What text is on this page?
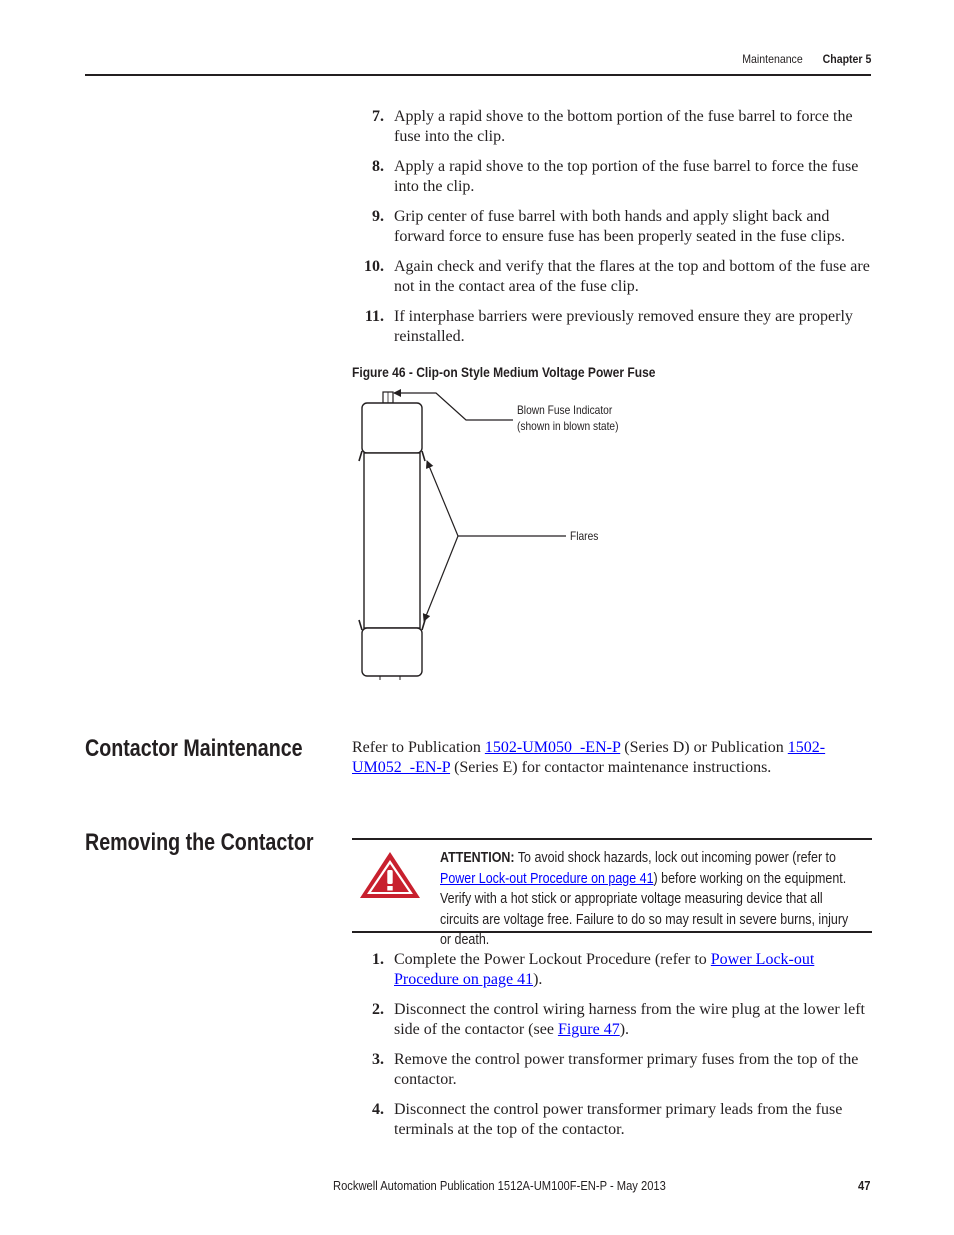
Maintenance Chapter 5
7. Apply a rapid shove to the bottom portion of the fuse barrel to force the fuse into the clip.
8. Apply a rapid shove to the top portion of the fuse barrel to force the fuse into the clip.
9. Grip center of fuse barrel with both hands and apply slight back and forward force to ensure fuse has been properly seated in the fuse clips.
10. Again check and verify that the flares at the top and bottom of the fuse are not in the contact area of the fuse clip.
11. If interphase barriers were previously removed ensure they are properly reinstalled.
Figure 46 - Clip-on Style Medium Voltage Power Fuse
Blown Fuse Indicator
(shown in blown state)
Flares
Contactor Maintenance	Refer to Publication 1502-UM050_-EN-P (Series D) or Publication 1502-UM052_-EN-P (Series E) for contactor maintenance instructions.
Removing the Contactor
ATTENTION: To avoid shock hazards, lock out incoming power (refer to Power Lock-out Procedure on page 41) before working on the equipment. Verify with a hot stick or appropriate voltage measuring device that all circuits are voltage free. Failure to do so may result in severe burns, injury or death.
1. Complete the Power Lockout Procedure (refer to Power Lock-out Procedure on page 41).
2. Disconnect the control wiring harness from the wire plug at the lower left side of the contactor (see Figure 47).
3. Remove the control power transformer primary fuses from the top of the contactor.
4. Disconnect the control power transformer primary leads from the fuse terminals at the top of the contactor.
Rockwell Automation Publication 1512A-UM100F-EN-P - May 2013	47
